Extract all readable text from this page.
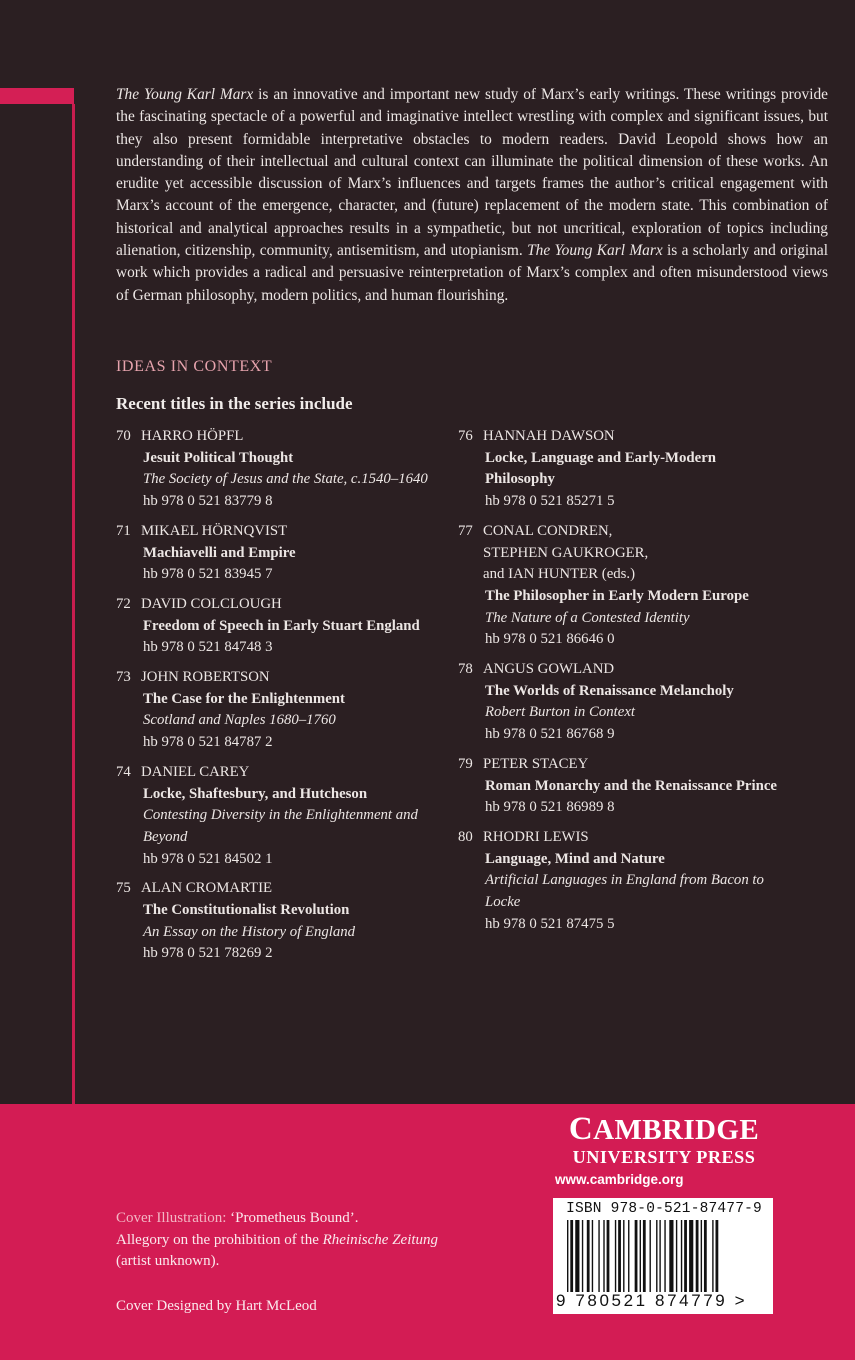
The Young Karl Marx is an innovative and important new study of Marx’s early writings. These writings provide the fascinating spectacle of a powerful and imaginative intellect wrestling with complex and significant issues, but they also present formidable interpretative obstacles to modern readers. David Leopold shows how an understanding of their intellectual and cultural context can illuminate the political dimension of these works. An erudite yet accessible discussion of Marx’s influences and targets frames the author’s critical engagement with Marx’s account of the emergence, character, and (future) replacement of the modern state. This combination of historical and analytical approaches results in a sympathetic, but not uncritical, exploration of topics including alienation, citizenship, community, antisemitism, and utopianism. The Young Karl Marx is a scholarly and original work which provides a radical and persuasive reinterpretation of Marx’s complex and often misunderstood views of German philosophy, modern politics, and human flourishing.

IDEAS IN CONTEXT
Recent titles in the series include
70 HARRO HÖPFL
Jesuit Political Thought
The Society of Jesus and the State, c.1540–1640
hb 978 0 521 83779 8
71 MIKAEL HÖRNQVIST
Machiavelli and Empire
hb 978 0 521 83945 7
72 DAVID COLCLOUGH
Freedom of Speech in Early Stuart England
hb 978 0 521 84748 3
73 JOHN ROBERTSON
The Case for the Enlightenment
Scotland and Naples 1680–1760
hb 978 0 521 84787 2
74 DANIEL CAREY
Locke, Shaftesbury, and Hutcheson
Contesting Diversity in the Enlightenment and Beyond
hb 978 0 521 84502 1
75 ALAN CROMARTIE
The Constitutionalist Revolution
An Essay on the History of England
hb 978 0 521 78269 2
76 HANNAH DAWSON
Locke, Language and Early-Modern Philosophy
hb 978 0 521 85271 5
77 CONAL CONDREN,
STEPHEN GAUKROGER,
and IAN HUNTER (eds.)
The Philosopher in Early Modern Europe
The Nature of a Contested Identity
hb 978 0 521 86646 0
78 ANGUS GOWLAND
The Worlds of Renaissance Melancholy
Robert Burton in Context
hb 978 0 521 86768 9
79 PETER STACEY
Roman Monarchy and the Renaissance Prince
hb 978 0 521 86989 8
80 RHODRI LEWIS
Language, Mind and Nature
Artificial Languages in England from Bacon to Locke
hb 978 0 521 87475 5
Cover Illustration: ‘Prometheus Bound’.
Allegory on the prohibition of the Rheinische Zeitung
(artist unknown).
Cover Designed by Hart McLeod
CAMBRIDGE
UNIVERSITY PRESS
www.cambridge.org
ISBN 978-0-521-87477-9
9 780521 874779 >
